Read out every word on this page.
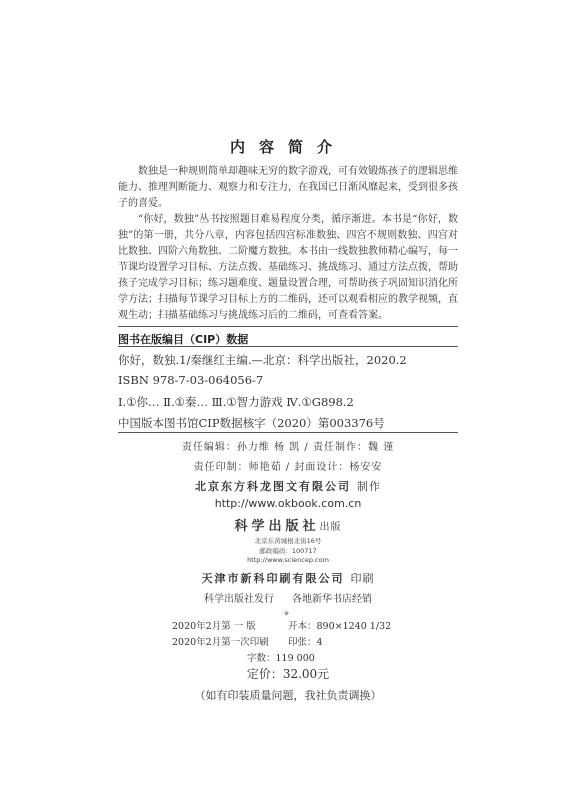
内容简介
数独是一种规则简单却趣味无穷的数字游戏，可有效锻炼孩子的逻辑思维能力、推理判断能力、观察力和专注力，在我国已日渐风靡起来，受到很多孩子的喜爱。
“你好，数独”丛书按照题目难易程度分类，循序渐进。本书是“你好，数独”的第一册，共分八章，内容包括四宫标准数独、四宫不规则数独、四宫对比数独、四阶六角数独、二阶魔方数独。本书由一线数独教师精心编写，每一节课均设置学习目标、方法点拨、基础练习、挑战练习、通过方法点拨，帮助孩子完成学习目标；练习题难度、题量设置合理，可帮助孩子巩固知识消化所学方法；扫描每节课学习目标上方的二维码，还可以观看相应的教学视频，直观生动；扫描基础练习与挑战练习后的二维码，可查看答案。
图书在版编目（CIP）数据
你好，数独.1/秦继红主编.—北京：科学出版社，2020.2
ISBN 978-7-03-064056-7
Ⅰ.①你… Ⅱ.①秦… Ⅲ.①智力游戏 Ⅳ.①G898.2
中国版本图书馆CIP数据核字（2020）第003376号
责任编辑：孙力维 杨 凯 / 责任制作：魏 谨
责任印制：师艳茹 / 封面设计：杨安安
北京东方科龙图文有限公司 制作
http://www.okbook.com.cn
科学出版社出版
北京东黄城根北街16号
邮政编码：100717
http://www.sciencep.com
天津市新科印刷有限公司 印刷
科学出版社发行 各地新华书店经销
※
2020年2月第 一 版	开本：890×1240 1/32
2020年2月第一次印刷 印张：4
字数：119 000
定价：32.00元
（如有印装质量问题，我社负责调换）
